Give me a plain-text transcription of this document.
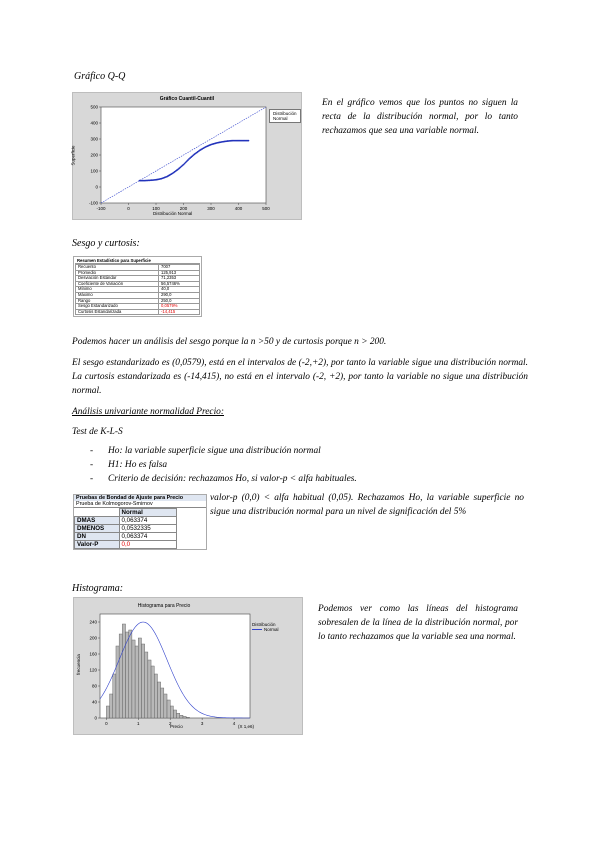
Gráfico Q-Q
Gráfico Cuantil-Cuantil
500
400
300
200
100
0
-100
-100	0	100	200	300	400	500
Distribución
Normal
Superficie
Distribución Normal
En el gráfico vemos que los puntos no siguen la recta de la distribución normal, por lo tanto rechazamos que sea una variable normal.
Sesgo y curtosis:
Resumen Estadístico para Superficie
Recuento	7007
Promedio	125,913
Desviación Estándar	71,2353
Coeficiente de Variación	56,5746%
Mínimo	40,0
Máximo	290,0
Rango	250,0
Sesgo Estandarizado	0,0579%
Curtosis Estandarizada	-14,415
Podemos hacer un análisis del sesgo porque la n >50 y de curtosis porque n > 200.
El sesgo estandarizado es (0,0579), está en el intervalos de (-2,+2), por tanto la variable sigue una distribución normal. La curtosis estandarizada es (-14,415), no está en el intervalo (-2, +2), por tanto la variable no sigue una distribución normal.
Análisis univariante normalidad Precio:
Test de K-L-S
- Ho: la variable superficie sigue una distribución normal
- H1: Ho es falsa
- Criterio de decisión: rechazamos Ho, si valor-p < alfa habituales.
Pruebas de Bondad de Ajuste para Precio
Prueba de Kolmogorov-Smirnov
	Normal
DMAS	0,063374
DMENOS	0,0532335
DN	0,063374
Valor-P	0,0
valor-p (0,0) < alfa habitual (0,05). Rechazamos Ho, la variable superficie no sigue una distribución normal para un nivel de significación del 5%
Histograma:
Histograma para Precio
240
200
160
120
80
40
0
0	1	2	3	4
Distribución
Normal
frecuencia
Precio	(X 1,e6)
Podemos ver como las líneas del histograma sobresalen de la línea de la distribución normal, por lo tanto rechazamos que la variable sea una normal.
